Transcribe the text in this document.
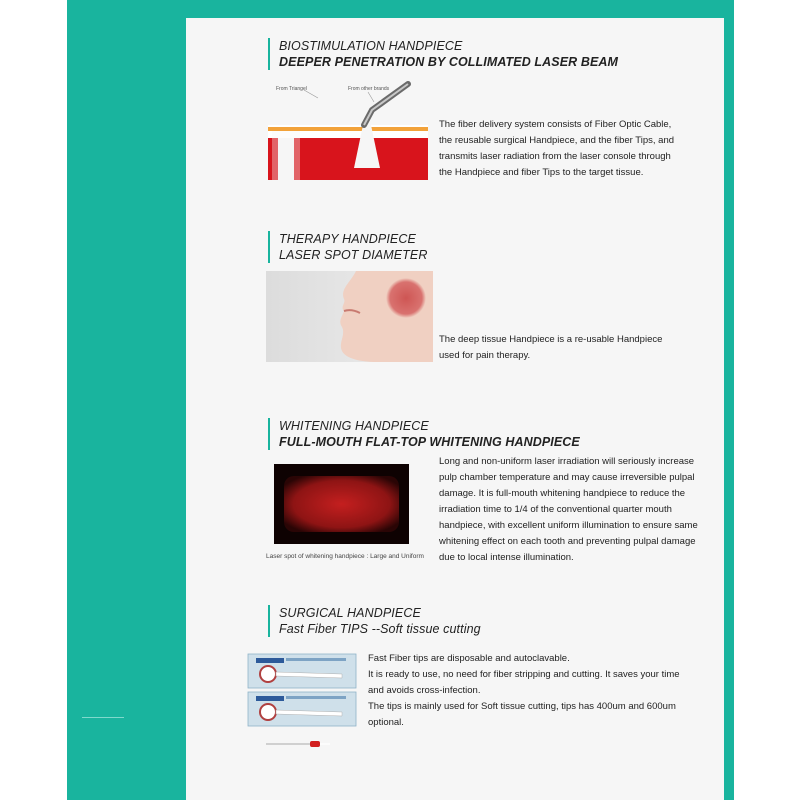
BIOSTIMULATION HANDPIECE
DEEPER PENETRATION BY COLLIMATED LASER BEAM
From Triangel	From other brands
The fiber delivery system consists of Fiber Optic Cable,
the reusable surgical Handpiece, and the fiber Tips, and
transmits laser radiation from the laser console through
the Handpiece and fiber Tips to the target tissue.
THERAPY HANDPIECE
LASER SPOT DIAMETER
The deep tissue Handpiece is a re-usable Handpiece
used for pain therapy.
WHITENING HANDPIECE
FULL-MOUTH FLAT-TOP WHITENING HANDPIECE
Laser spot of whitening handpiece : Large and Uniform
Long and non-uniform laser irradiation will seriously increase
pulp chamber temperature and may cause irreversible pulpal
damage. It is full-mouth whitening handpiece to reduce the
irradiation time to 1/4 of the conventional quarter mouth
handpiece, with excellent uniform illumination to ensure same
whitening effect on each tooth and preventing pulpal damage
due to local intense illumination.
SURGICAL HANDPIECE
Fast Fiber TIPS --Soft tissue cutting
Fast Fiber tips are disposable and autoclavable.
It is ready to use, no need for fiber stripping and cutting. It saves your time
and avoids cross-infection.
The tips is mainly used for Soft tissue cutting, tips has 400um and 600um
optional.
